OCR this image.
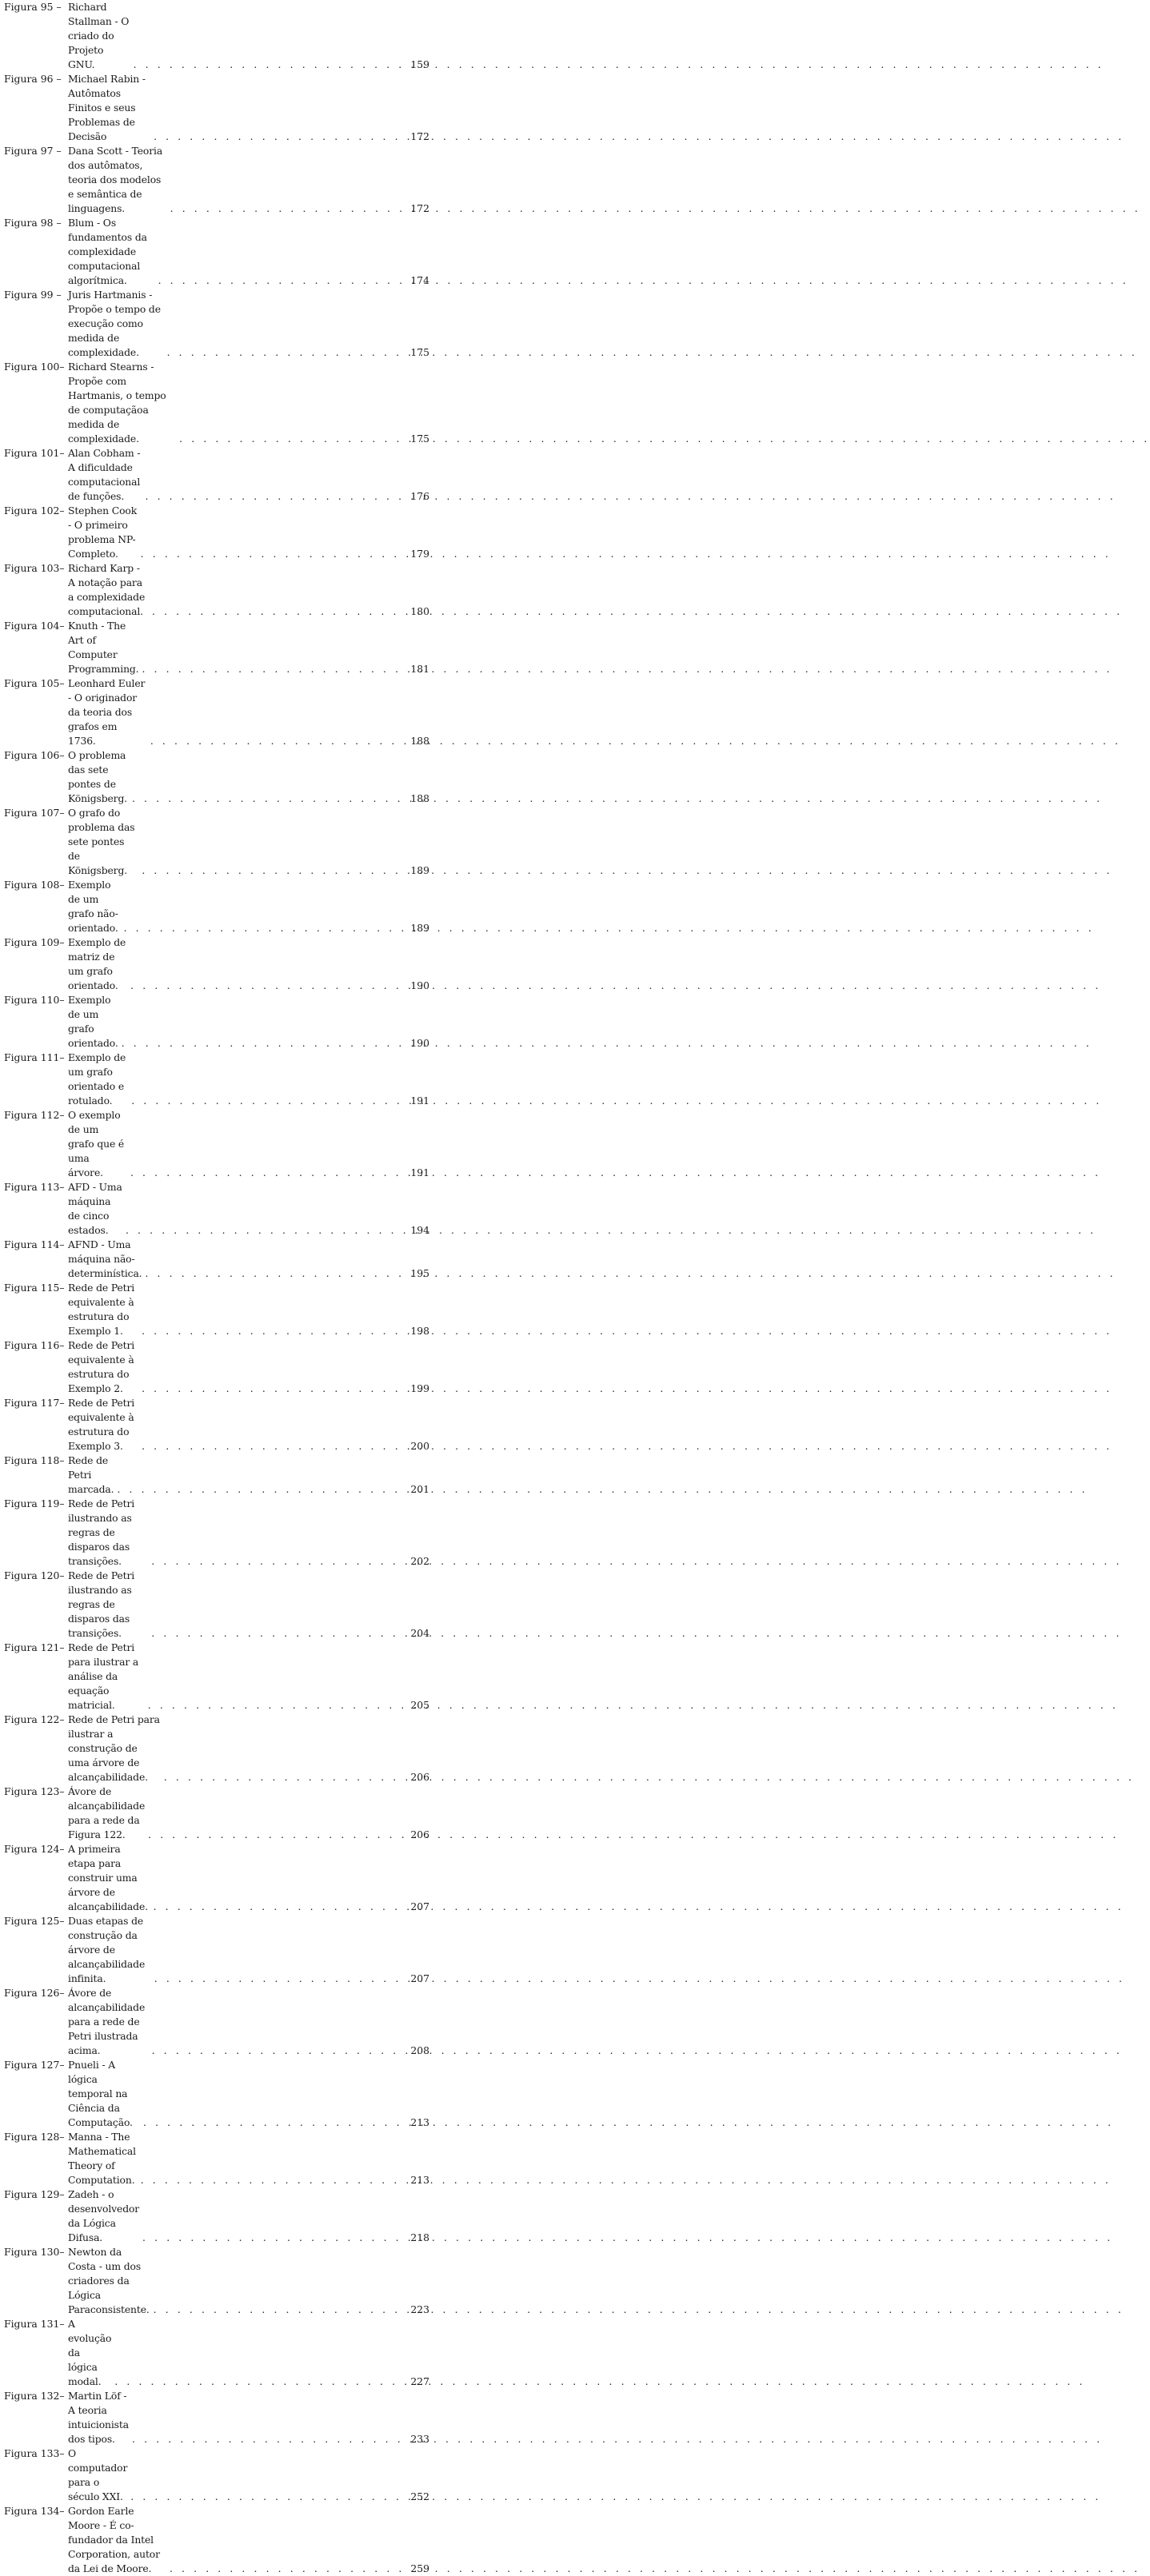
Figura 95 – Richard Stallman - O criado do Projeto GNU. . . .	159
Figura 96 – Michael Rabin - Autômatos Finitos e seus Problemas de Decisão . . .	172
Figura 97 – Dana Scott - Teoria dos autômatos, teoria dos modelos e semântica de linguagens. . . .	172
Figura 98 – Blum - Os fundamentos da complexidade computacional algorítmica. . . .	174
Figura 99 – Juris Hartmanis - Propõe o tempo de execução como medida de complexidade. . . .	175
Figura 100– Richard Stearns - Propõe com Hartmanis, o tempo de computaçãoa medida de complexidade. . . .	175
Figura 101– Alan Cobham - A dificuldade computacional de funções. . . .	176
Figura 102– Stephen Cook - O primeiro problema NP-Completo. . . .	179
Figura 103– Richard Karp - A notação para a complexidade computacional. . . .	180
Figura 104– Knuth - The Art of Computer Programming. . . .	181
Figura 105– Leonhard Euler - O originador da teoria dos grafos em 1736. . . .	188
Figura 106– O problema das sete pontes de Königsberg. . . .	188
Figura 107– O grafo do problema das sete pontes de Königsberg. . . .	189
Figura 108– Exemplo de um grafo não-orientado. . . .	189
Figura 109– Exemplo de matriz de um grafo orientado. . . .	190
Figura 110– Exemplo de um grafo orientado. . . .	190
Figura 111– Exemplo de um grafo orientado e rotulado. . . .	191
Figura 112– O exemplo de um grafo que é uma árvore. . . .	191
Figura 113– AFD - Uma máquina de cinco estados. . . .	194
Figura 114– AFND - Uma máquina não-determinística. . . .	195
Figura 115– Rede de Petri equivalente à estrutura do Exemplo 1. . . .	198
Figura 116– Rede de Petri equivalente à estrutura do Exemplo 2. . . .	199
Figura 117– Rede de Petri equivalente à estrutura do Exemplo 3. . . .	200
Figura 118– Rede de Petri marcada. . . .	201
Figura 119– Rede de Petri ilustrando as regras de disparos das transições. . . .	202
Figura 120– Rede de Petri ilustrando as regras de disparos das transições. . . .	204
Figura 121– Rede de Petri para ilustrar a análise da equação matricial. . . .	205
Figura 122– Rede de Petri para ilustrar a construção de uma árvore de alcançabilidade. . . .	206
Figura 123– Ávore de alcançabilidade para a rede da Figura 122. . . .	206
Figura 124– A primeira etapa para construir uma árvore de alcançabilidade. . . .	207
Figura 125– Duas etapas de construção da árvore de alcançabilidade infinita. . . .	207
Figura 126– Ávore de alcançabilidade para a rede de Petri ilustrada acima. . . .	208
Figura 127– Pnueli - A lógica temporal na Ciência da Computação. . . .	213
Figura 128– Manna - The Mathematical Theory of Computation. . . .	213
Figura 129– Zadeh - o desenvolvedor da Lógica Difusa. . . .	218
Figura 130– Newton da Costa - um dos criadores da Lógica Paraconsistente. . . .	223
Figura 131– A evolução da lógica modal. . . .	227
Figura 132– Martin Löf - A teoria intuicionista dos tipos. . . .	233
Figura 133– O computador para o século XXI. . . .	252
Figura 134– Gordon Earle Moore - É co-fundador da Intel Corporation, autor da Lei de Moore. . . .	259
